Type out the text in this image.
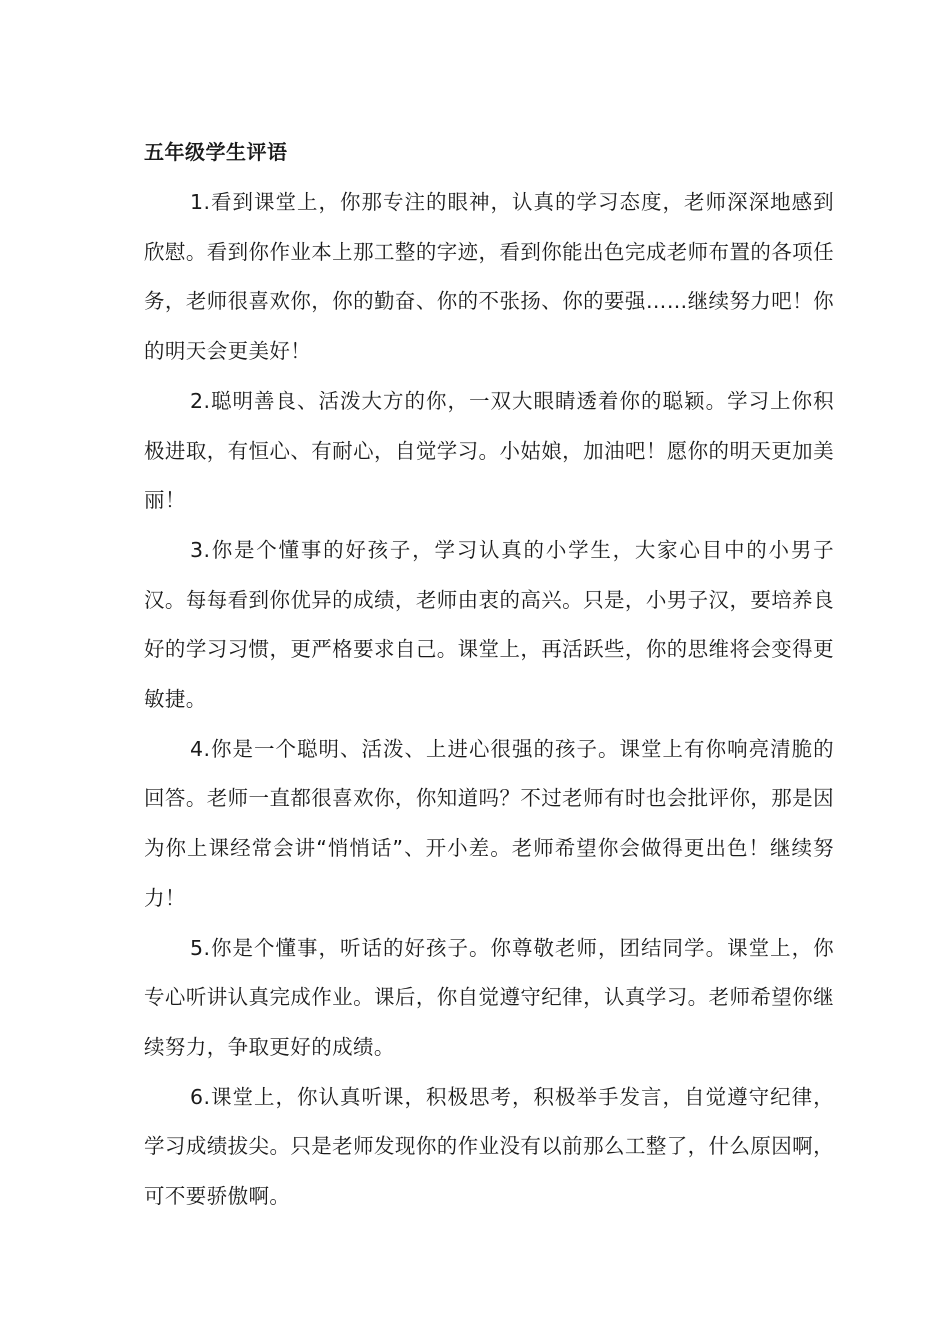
五年级学生评语

1.看到课堂上，你那专注的眼神，认真的学习态度，老师深深地感到欣慰。看到你作业本上那工整的字迹，看到你能出色完成老师布置的各项任务，老师很喜欢你，你的勤奋、你的不张扬、你的要强……继续努力吧！你的明天会更美好！

2.聪明善良、活泼大方的你，一双大眼睛透着你的聪颖。学习上你积极进取，有恒心、有耐心，自觉学习。小姑娘，加油吧！愿你的明天更加美丽！

3.你是个懂事的好孩子，学习认真的小学生，大家心目中的小男子汉。每每看到你优异的成绩，老师由衷的高兴。只是，小男子汉，要培养良好的学习习惯，更严格要求自己。课堂上，再活跃些，你的思维将会变得更敏捷。

4.你是一个聪明、活泼、上进心很强的孩子。课堂上有你响亮清脆的回答。老师一直都很喜欢你，你知道吗？不过老师有时也会批评你，那是因为你上课经常会讲“悄悄话”、开小差。老师希望你会做得更出色！继续努力！

5.你是个懂事，听话的好孩子。你尊敬老师，团结同学。课堂上，你专心听讲认真完成作业。课后，你自觉遵守纪律，认真学习。老师希望你继续努力，争取更好的成绩。

6.课堂上，你认真听课，积极思考，积极举手发言，自觉遵守纪律，学习成绩拔尖。只是老师发现你的作业没有以前那么工整了，什么原因啊，可不要骄傲啊。
